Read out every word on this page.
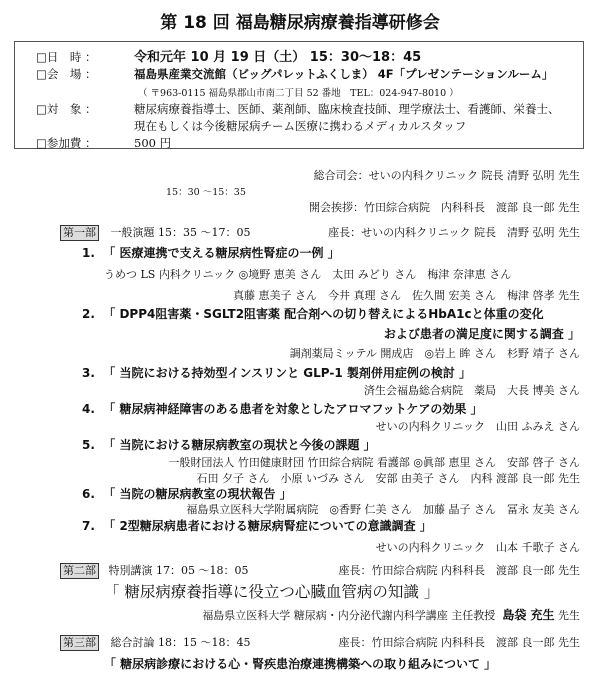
第 18 回 福島糖尿病療養指導研修会
□日　時 ：	令和元年 10 月 19 日（土） 15：30〜18：45
□会　場 ：	福島県産業交流館（ビッグパレットふくしま） 4F「プレゼンテーションルーム」
（ 〒963-0115 福島県郡山市南二丁目 52 番地　TEL：024-947-8010 ）
□対　象 ：	糖尿病療養指導士、医師、薬剤師、臨床検査技師、理学療法士、看護師、栄養士、
現在もしくは今後糖尿病チーム医療に携わるメディカルスタッフ
□参加費 ：	500 円
総合司会：せいの内科クリニック 院長 清野 弘明 先生
15：30 〜15：35
開会挨拶：竹田綜合病院　内科科長　渡部 良一郎 先生
第一部 一般演題 15：35 〜17：05	座長：せいの内科クリニック 院長　清野 弘明 先生
1. 「 医療連携で支える糖尿病性腎症の一例 」
うめつ LS 内科クリニック ◎境野 恵美 さん　太田 みどり さん　梅津 奈津恵 さん
真藤 恵美子 さん　今井 真理 さん　佐久間 宏美 さん　梅津 啓孝 先生
2. 「 DPP4阻害薬・SGLT2阻害薬 配合剤への切り替えによるHbA1cと体重の変化
および患者の満足度に関する調査 」
調剤薬局ミッテル 開成店　◎岩上 眸 さん　杉野 靖子 さん
3. 「 当院における持効型インスリンと GLP-1 製剤併用症例の検討 」
済生会福島総合病院　薬局　大長 博美 さん
4. 「 糖尿病神経障害のある患者を対象としたアロマフットケアの効果 」
せいの内科クリニック　山田 ふみえ さん
5. 「 当院における糖尿病教室の現状と今後の課題 」
一般財団法人 竹田健康財団 竹田綜合病院 看護部 ◎眞部 恵里 さん　安部 啓子 さん
石田 夕子 さん　小原 いづみ さん　安部 由美子 さん　内科 渡部 良一郎 先生
6. 「 当院の糖尿病教室の現状報告 」
福島県立医科大学附属病院　◎香野 仁美 さん　加藤 晶子 さん　冨永 友美 さん
7. 「 2型糖尿病患者における糖尿病腎症についての意識調査 」
せいの内科クリニック　山本 千歌子 さん
第二部 特別講演 17：05 〜18：05	座長：竹田綜合病院 内科科長　渡部 良一郎 先生
「 糖尿病療養指導に役立つ心臓血管病の知識 」
福島県立医科大学 糖尿病・内分泌代謝内科学講座 主任教授 島袋 充生 先生
第三部 総合討論 18：15 〜18：45	座長：竹田綜合病院 内科科長　渡部 良一郎 先生
「 糖尿病診療における心・腎疾患治療連携構築への取り組みについて 」
